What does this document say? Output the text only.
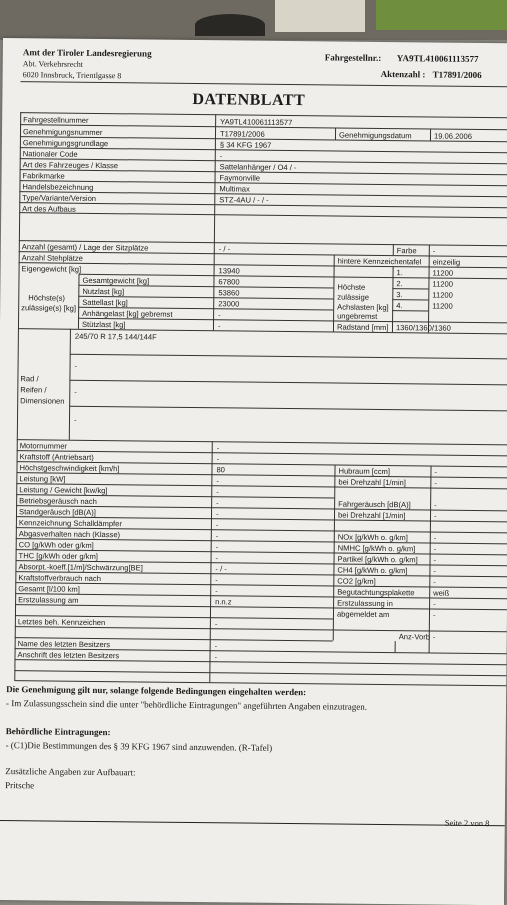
Amt der Tiroler Landesregierung
Abt. Verkehrsrecht
6020 Innsbruck, Trientlgasse 8
Fahrgestellnr.: YA9TL410061113577
Aktenzahl : T17891/2006
DATENBLATT
Fahrgestellnummer	YA9TL410061113577
Genehmigungsnummer	T17891/2006	Genehmigungsdatum	19.06.2006
Genehmigungsgrundlage	§ 34 KFG 1967
Nationaler Code	-
Art des Fahrzeuges / Klasse	Sattelanhänger / O4 / -
Fabrikmarke	Faymonville
Handelsbezeichnung	Multimax
Type/Variante/Version	STZ-4AU / - / -
Art des Aufbaus
Anzahl (gesamt) / Lage der Sitzplätze	- / -	Farbe -
Anzahl Stehplätze	hintere Kennzeichentafel einzeilig
Eigengewicht [kg]	13940
Höchste(s)
zulässige(s) [kg]
Gesamtgewicht [kg]	67800
Nutzlast [kg]	53860
Sattellast [kg]	23000
Anhängelast [kg] gebremst	-
Stützlast [kg]	-
Höchste
zulässige
Achslasten [kg]
1.	11200
2.	11200
3.	11200
4.	11200
ungebremst
Radstand [mm] 1360/1360/1360
Rad /
Reifen /
Dimensionen
245/70 R 17,5 144/144F
-
-
-
Motornummer	-
Kraftstoff (Antriebsart)	-
Höchstgeschwindigkeit [km/h]	80	Hubraum [ccm]	-
Leistung [kW]	-	bei Drehzahl [1/min]	-
Leistung / Gewicht [kw/kg]	-
Betriebsgeräusch nach	-	Fahrgeräusch [dB(A)]	-
Standgeräusch [dB(A)]	-	bei Drehzahl [1/min]	-
Kennzeichnung Schalldämpfer	-
Abgasverhalten nach (Klasse)	-	NOx [g/kWh o. g/km]	-
CO [g/kWh oder g/km]	-	NMHC [g/kWh o. g/km] -
THC [g/kWh oder g/km]	-	Partikel [g/kWh o. g/km] -
Absorpt.-koeff.[1/m]/Schwärzung[BE]	- / -	CH4 [g/kWh o. g/km]	-
Kraftstoffverbrauch nach	-	CO2 [g/km]	-
Gesamt [l/100 km]	-	Begutachtungsplakette weiß
Erstzulassung am	n.n.z	Erstzulassung in	-
abgemeldet am	-
Letztes beh. Kennzeichen	-
Anz-Vorb -
Name des letzten Besitzers	-
Anschrift des letzten Besitzers	-
Die Genehmigung gilt nur, solange folgende Bedingungen eingehalten werden:
- Im Zulassungsschein sind die unter "behördliche Eintragungen" angeführten Angaben einzutragen.
Behördliche Eintragungen:
- (C1)Die Bestimmungen des § 39 KFG 1967 sind anzuwenden. (R-Tafel)
Zusätzliche Angaben zur Aufbauart:
Pritsche
Seite 2 von 8
